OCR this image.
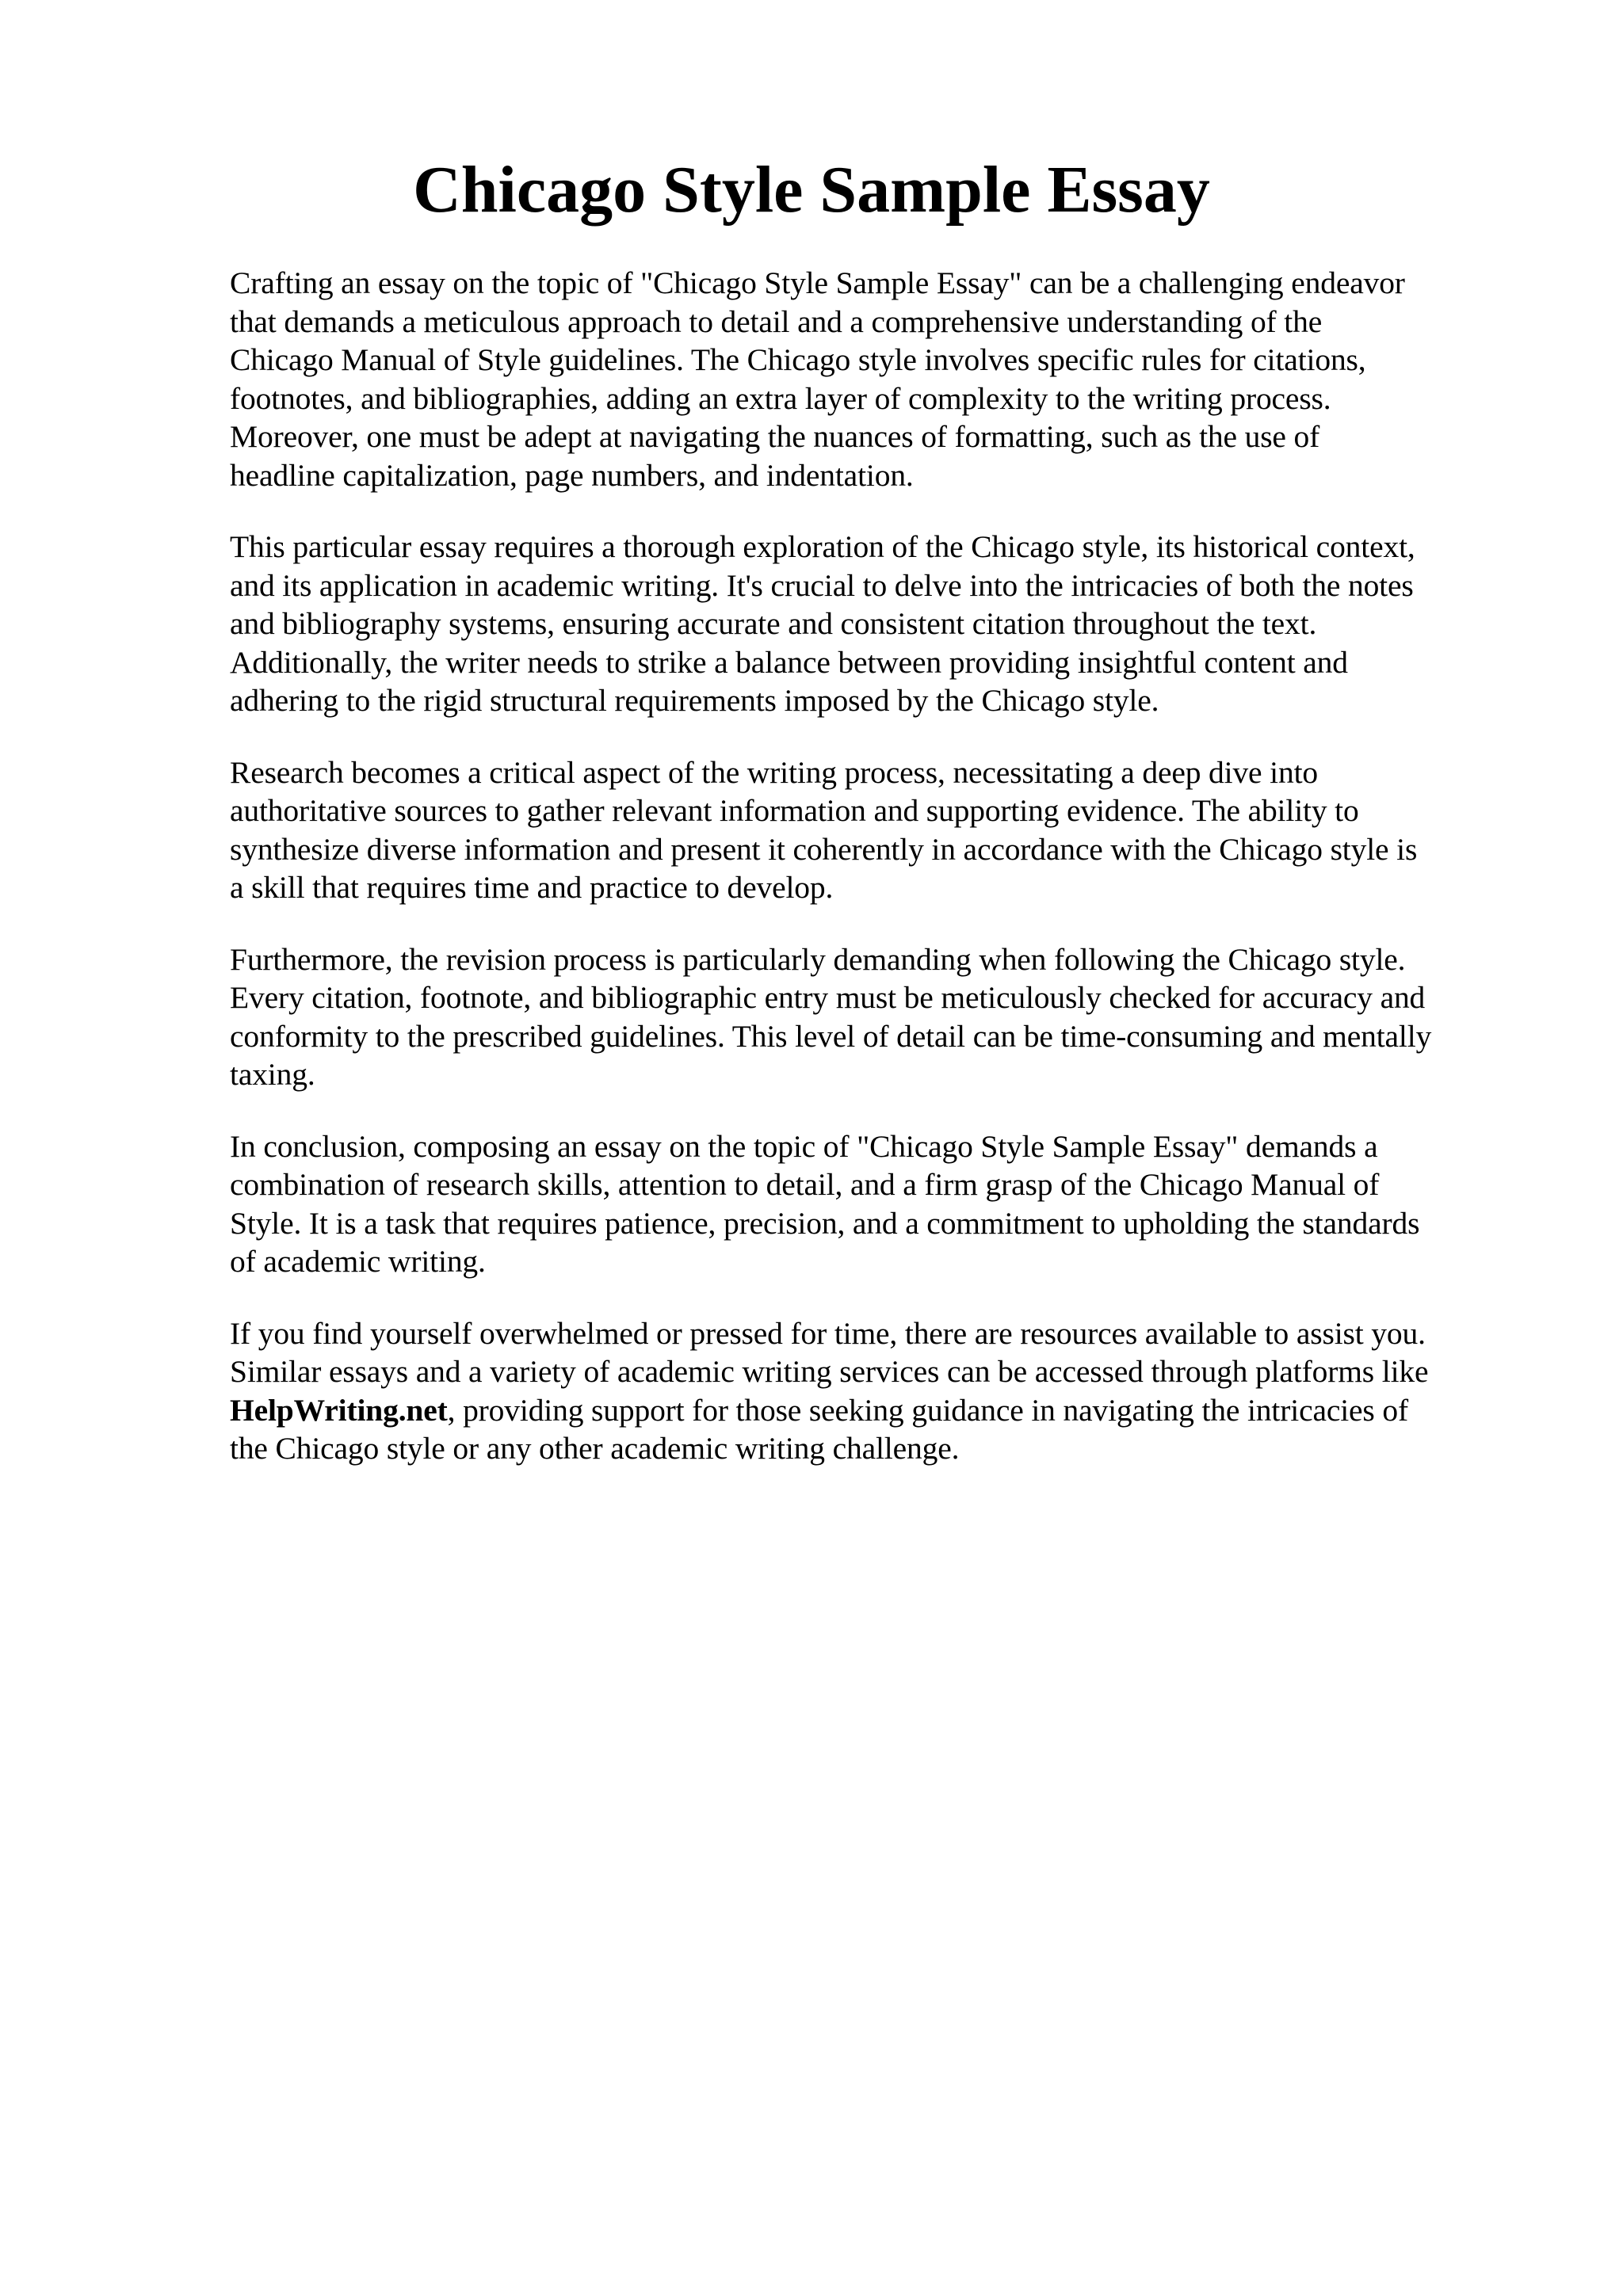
Chicago Style Sample Essay

Crafting an essay on the topic of "Chicago Style Sample Essay" can be a challenging endeavor
that demands a meticulous approach to detail and a comprehensive understanding of the
Chicago Manual of Style guidelines. The Chicago style involves specific rules for citations,
footnotes, and bibliographies, adding an extra layer of complexity to the writing process.
Moreover, one must be adept at navigating the nuances of formatting, such as the use of
headline capitalization, page numbers, and indentation.

This particular essay requires a thorough exploration of the Chicago style, its historical context,
and its application in academic writing. It's crucial to delve into the intricacies of both the notes
and bibliography systems, ensuring accurate and consistent citation throughout the text.
Additionally, the writer needs to strike a balance between providing insightful content and
adhering to the rigid structural requirements imposed by the Chicago style.

Research becomes a critical aspect of the writing process, necessitating a deep dive into
authoritative sources to gather relevant information and supporting evidence. The ability to
synthesize diverse information and present it coherently in accordance with the Chicago style is
a skill that requires time and practice to develop.

Furthermore, the revision process is particularly demanding when following the Chicago style.
Every citation, footnote, and bibliographic entry must be meticulously checked for accuracy and
conformity to the prescribed guidelines. This level of detail can be time-consuming and mentally
taxing.

In conclusion, composing an essay on the topic of "Chicago Style Sample Essay" demands a
combination of research skills, attention to detail, and a firm grasp of the Chicago Manual of
Style. It is a task that requires patience, precision, and a commitment to upholding the standards
of academic writing.

If you find yourself overwhelmed or pressed for time, there are resources available to assist you.
Similar essays and a variety of academic writing services can be accessed through platforms like
HelpWriting.net, providing support for those seeking guidance in navigating the intricacies of
the Chicago style or any other academic writing challenge.
